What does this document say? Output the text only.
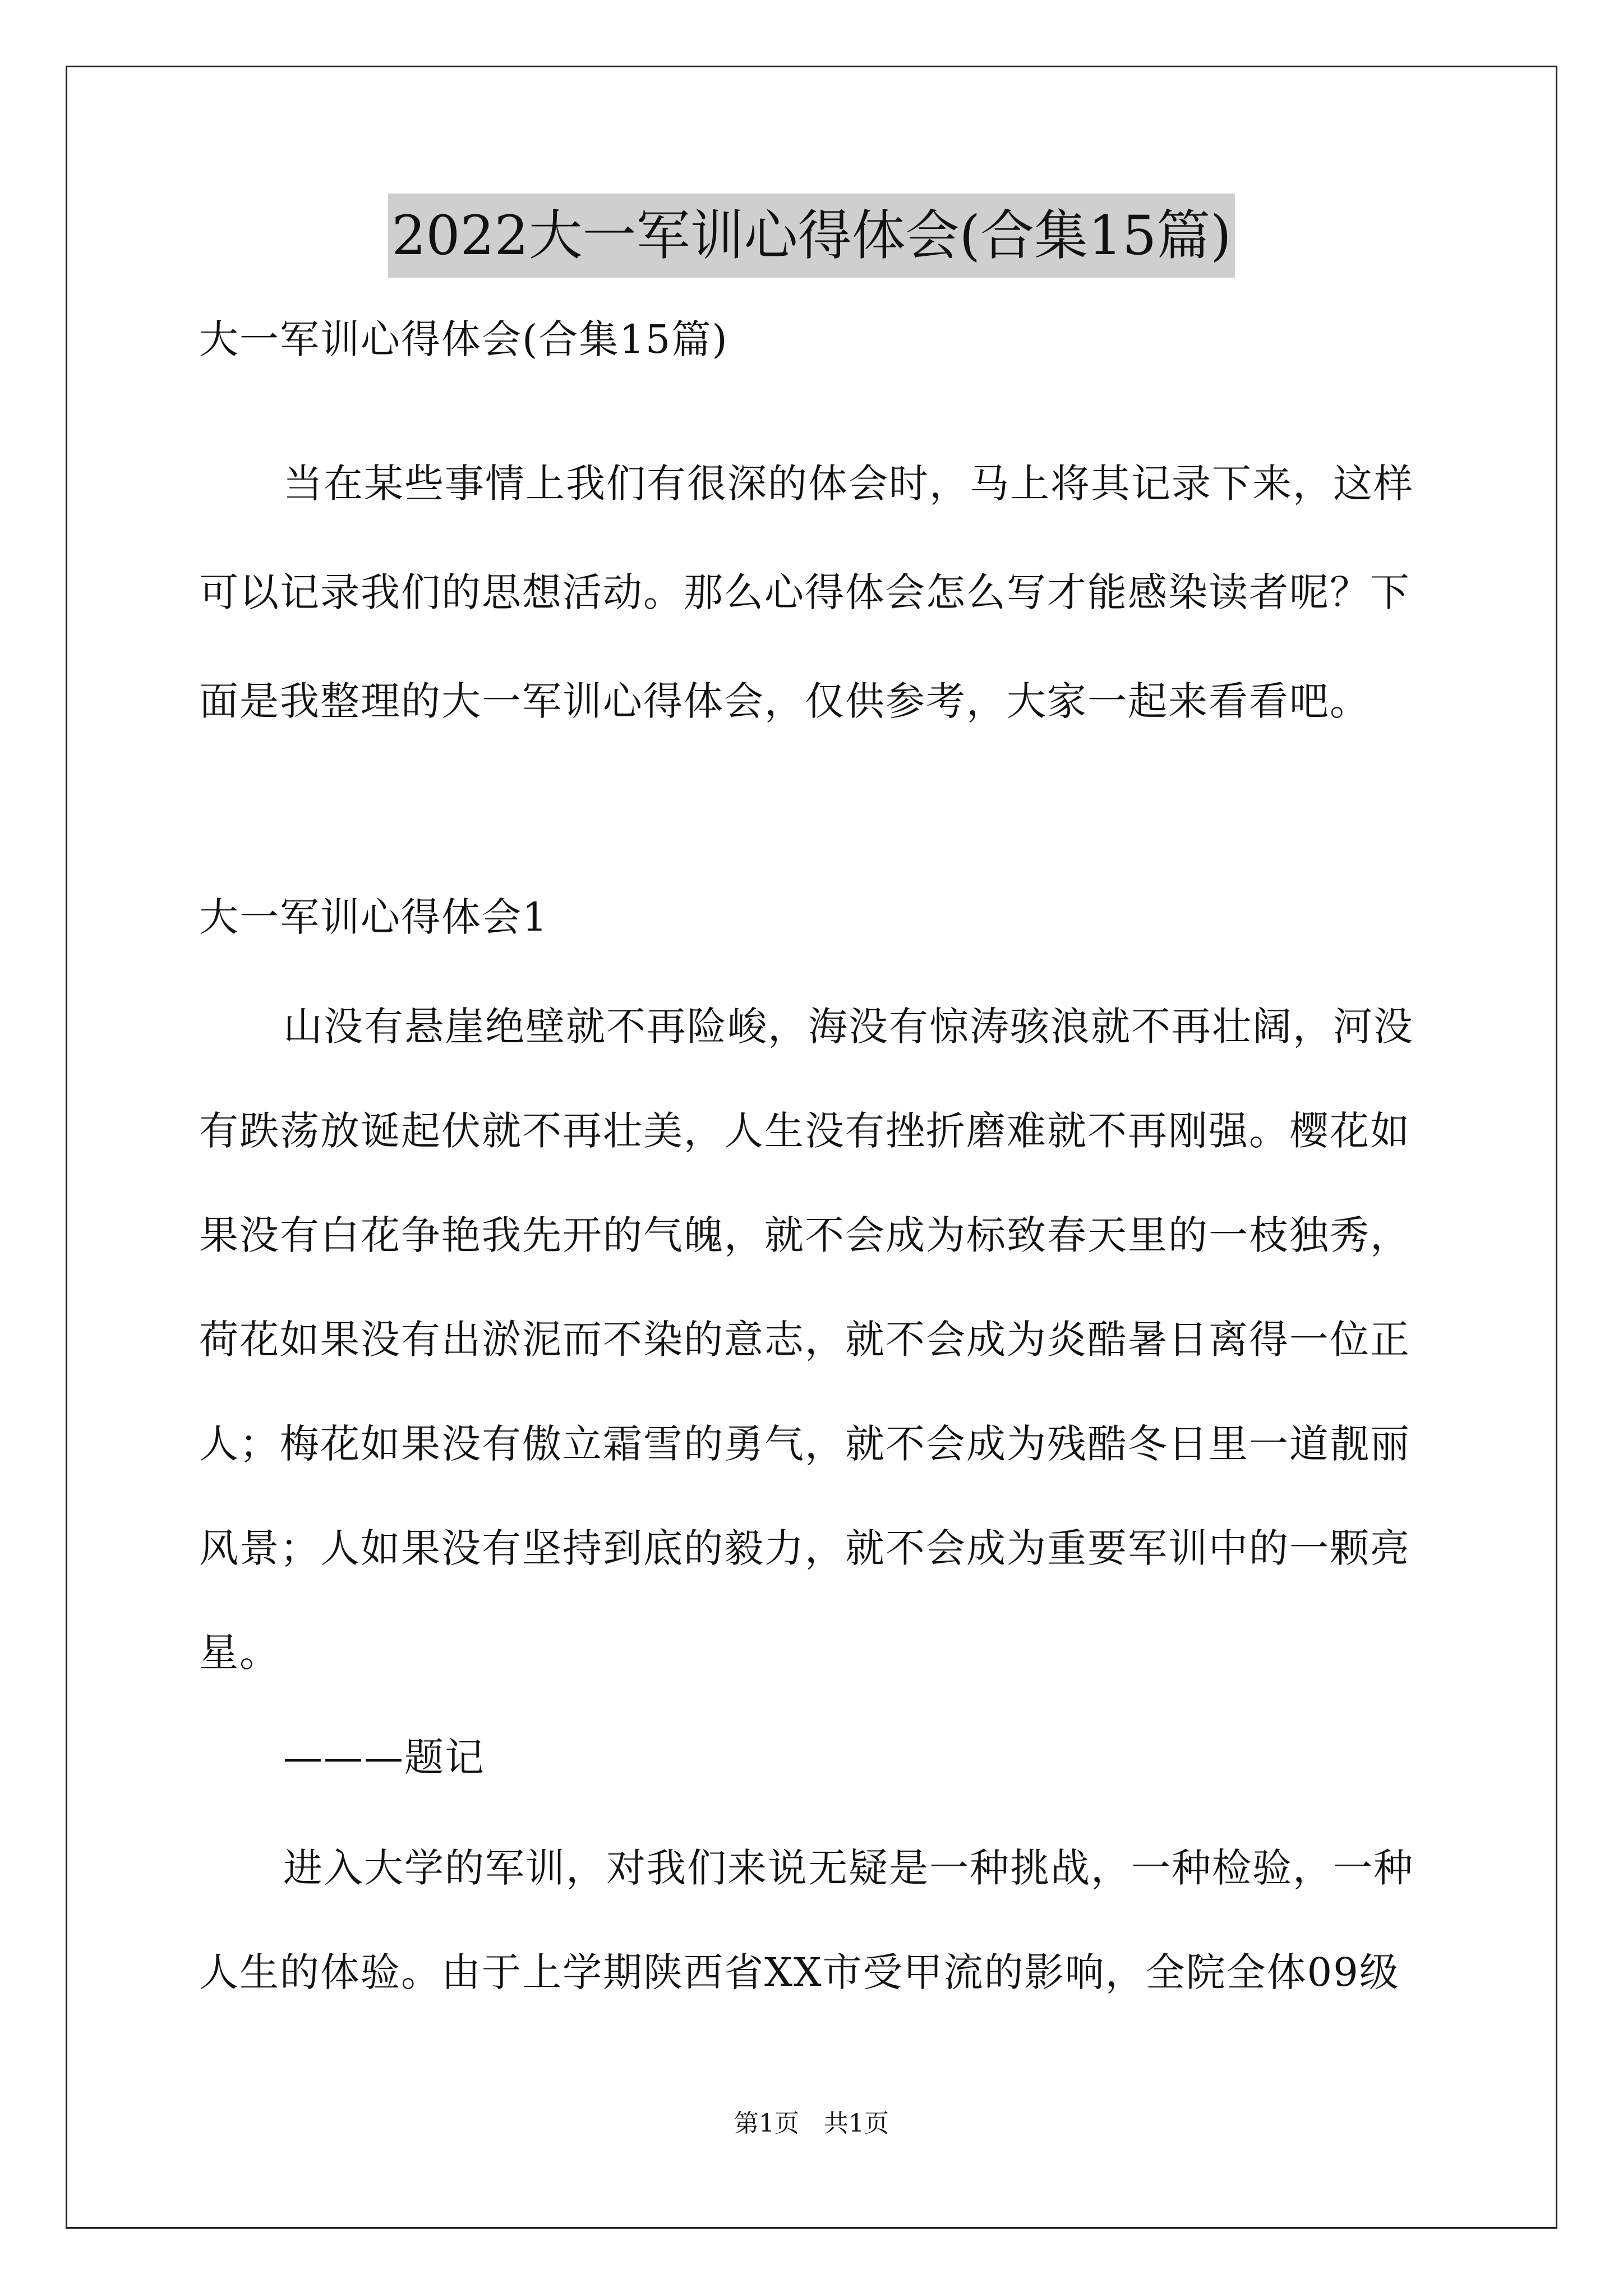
2022大一军训心得体会(合集15篇)
大一军训心得体会(合集15篇)
当在某些事情上我们有很深的体会时，马上将其记录下来，这样
可以记录我们的思想活动。那么心得体会怎么写才能感染读者呢？下
面是我整理的大一军训心得体会，仅供参考，大家一起来看看吧。
大一军训心得体会1
山没有悬崖绝壁就不再险峻，海没有惊涛骇浪就不再壮阔，河没
有跌荡放诞起伏就不再壮美，人生没有挫折磨难就不再刚强。樱花如
果没有白花争艳我先开的气魄，就不会成为标致春天里的一枝独秀，
荷花如果没有出淤泥而不染的意志，就不会成为炎酷暑日离得一位正
人；梅花如果没有傲立霜雪的勇气，就不会成为残酷冬日里一道靓丽
风景；人如果没有坚持到底的毅力，就不会成为重要军训中的一颗亮
星。
———题记
进入大学的军训，对我们来说无疑是一种挑战，一种检验，一种
人生的体验。由于上学期陕西省XX市受甲流的影响，全院全体09级
第1页　共1页
